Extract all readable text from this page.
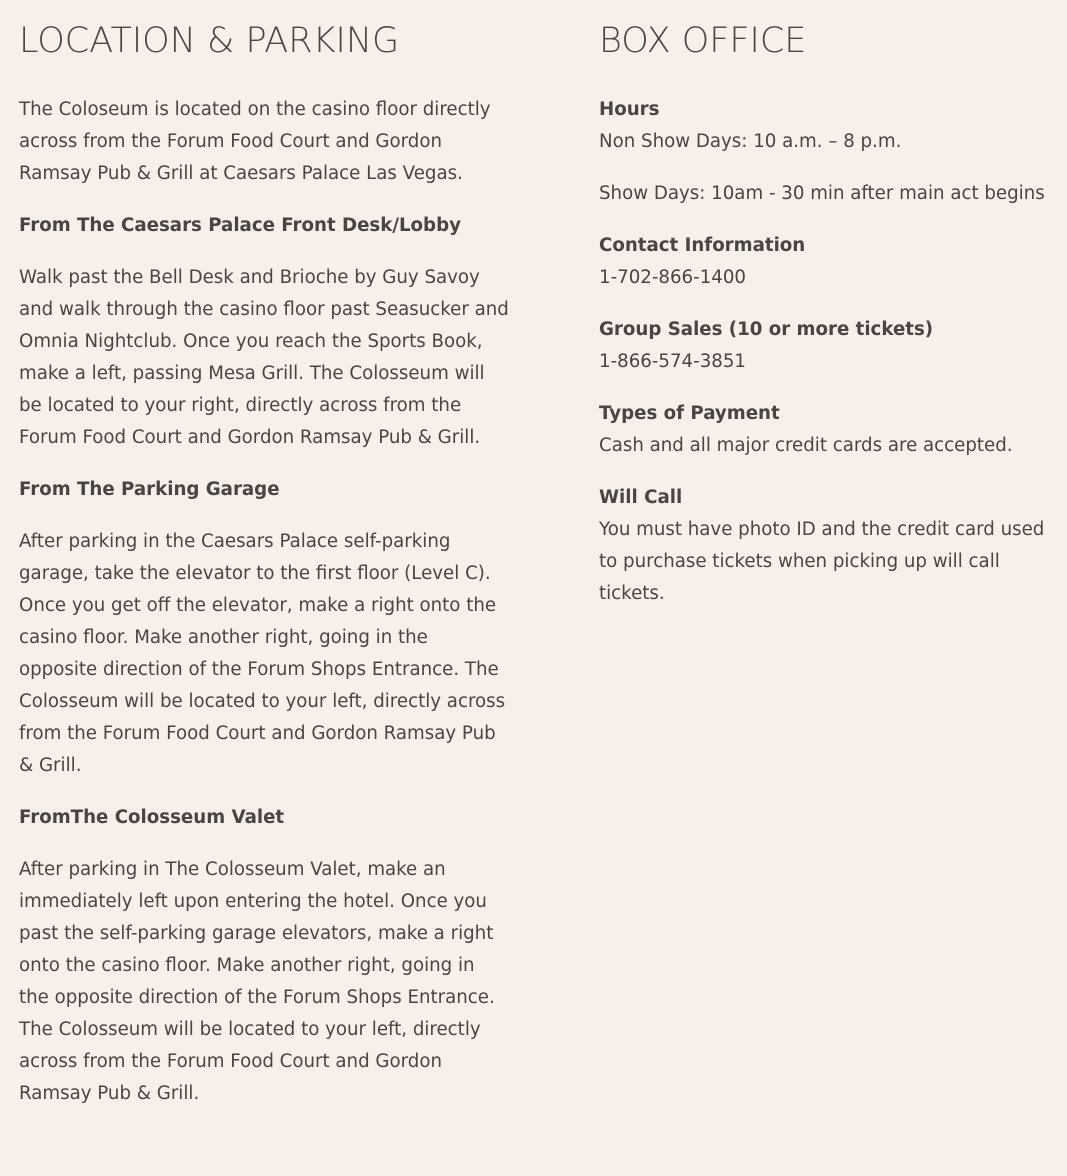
LOCATION & PARKING

The Coloseum is located on the casino floor directly across from the Forum Food Court and Gordon Ramsay Pub & Grill at Caesars Palace Las Vegas.

From The Caesars Palace Front Desk/Lobby

Walk past the Bell Desk and Brioche by Guy Savoy and walk through the casino floor past Seasucker and Omnia Nightclub. Once you reach the Sports Book, make a left, passing Mesa Grill. The Colosseum will be located to your right, directly across from the Forum Food Court and Gordon Ramsay Pub & Grill.

From The Parking Garage

After parking in the Caesars Palace self-parking garage, take the elevator to the first floor (Level C). Once you get off the elevator, make a right onto the casino floor. Make another right, going in the opposite direction of the Forum Shops Entrance. The Colosseum will be located to your left, directly across from the Forum Food Court and Gordon Ramsay Pub & Grill.

FromThe Colosseum Valet

After parking in The Colosseum Valet, make an immediately left upon entering the hotel. Once you past the self-parking garage elevators, make a right onto the casino floor. Make another right, going in the opposite direction of the Forum Shops Entrance. The Colosseum will be located to your left, directly across from the Forum Food Court and Gordon Ramsay Pub & Grill.

BOX OFFICE
Hours
Non Show Days: 10 a.m. – 8 p.m.
Show Days: 10am - 30 min after main act begins
Contact Information
1-702-866-1400
Group Sales (10 or more tickets)
1-866-574-3851
Types of Payment
Cash and all major credit cards are accepted.
Will Call
You must have photo ID and the credit card used to purchase tickets when picking up will call tickets.
